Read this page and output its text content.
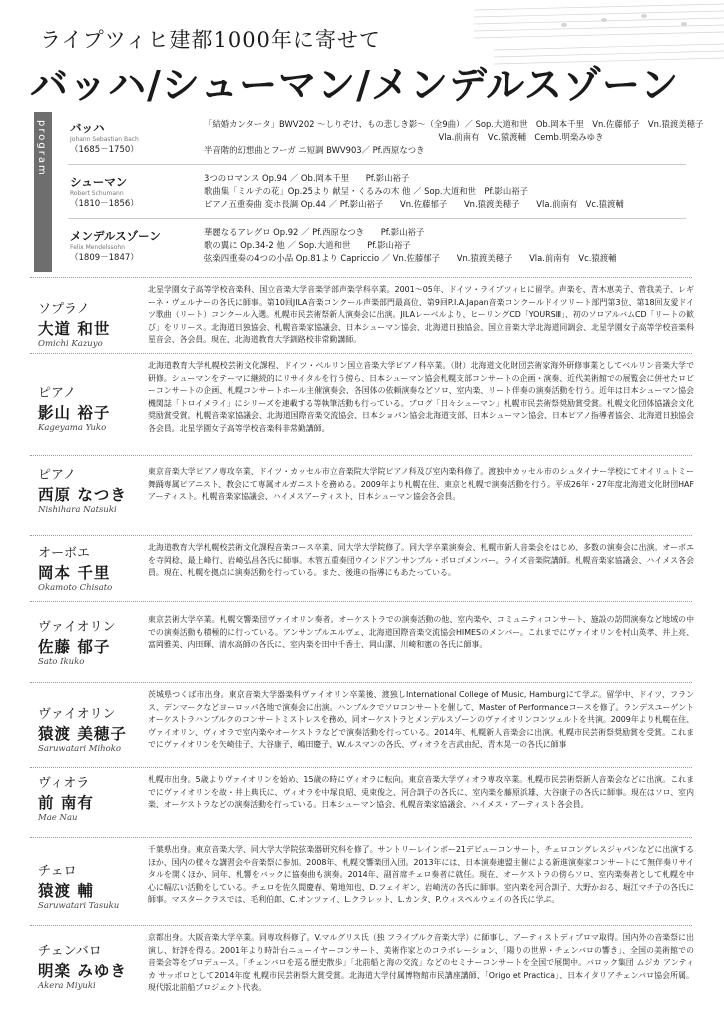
ライプツィヒ建都1000年に寄せて
バッハ/シューマン/メンデルスゾーン
program バッハ
Johann Sebastian Bach
（1685－1750）
「結婚カンタータ」BWV202 ～しりぞけ、もの悲しき影～（全9曲）／ Sop.大道和世　Ob.岡本千里　Vn.佐藤郁子　Vn.猿渡美穂子
　　　　　　　　　　　　　　　　　　　　　　　　　　　　Vla.前南有　Vc.猿渡輔　Cemb.明楽みゆき
半音階的幻想曲とフーガ ニ短調 BWV903／ Pf.西原なつき
シューマン
Robert Schumann
（1810－1856）
3つのロマンス Op.94 ／ Ob.岡本千里　　Pf.影山裕子
歌曲集「ミルテの花」Op.25より 献呈・くるみの木 他 ／ Sop.大道和世　Pf.影山裕子
ピアノ五重奏曲 変ホ長調 Op.44 ／ Pf.影山裕子　　Vn.佐藤郁子　　Vn.猿渡美穂子　　Vla.前南有　Vc.猿渡輔
メンデルスゾーン
Felix Mendelssohn
（1809－1847）
華麗なるアレグロ Op.92 ／ Pf.西原なつき　　Pf.影山裕子
歌の翼に Op.34-2 他 ／ Sop.大道和世　　Pf.影山裕子
弦楽四重奏の4つの小品 Op.81より Capriccio ／ Vn.佐藤郁子　　Vn.猿渡美穂子　　Vla.前南有　Vc.猿渡輔
ソプラノ
大道 和世
Omichi Kazuyo
北星学園女子高等学校音楽科、国立音楽大学音楽学部声楽学科卒業。2001～05年、ドイツ・ライプツィヒに留学。声楽を、青木恵美子、菅我美子、レギーネ・ヴェルナーの各氏に師事。第10回JILA音楽コンクール声楽部門最高位、第9回P.I.A.Japan音楽コンクールドイツリート部門第3位、第18回友愛ドイツ歌曲（リート）コンクール入選。札幌市民芸術祭新人演奏会に出演。JILAレーベルより、ヒーリングCD「YOURSⅢ」、初のソロアルバムCD「リートの歓び」をリリース。北海道日独協会、札幌音楽家協議会、日本シューマン協会、北海道日独協会、国立音楽大学北海道同調会、北星学園女子高等学校音楽科星音会、各会員。現在、北海道教育大学釧路校非常勤講師。
ピアノ
影山 裕子
Kageyama Yuko
北海道教育大学札幌校芸術文化課程、ドイツ・ベルリン国立音楽大学ピアノ科卒業。（財）北海道文化財団芸術家海外研修事業としてベルリン音楽大学で研修。シューマンをテーマに継続的にリサイタルを行う傍ら、日本シューマン協会札幌支部コンサートの企画・演奏、近代美術館での展覧会に併せたロビーコンサートの企画、札幌コンサートホール主催演奏会、各国体の依頼演奏などソロ、室内楽、リート伴奏の演奏活動を行う。近年は日本シューマン協会機関誌「トロイメライ」にシリーズを連載する等執筆活動も行っている。ブログ「日々シューマン」札幌市民芸術祭奨励賞受賞。札幌文化団体協議会文化奨励賞受賞。札幌音楽家協議会、北海道国際音楽交流協会、日本ショパン協会北海道支部、日本シューマン協会、日本ピアノ指導者協会、北海道日独協会各会員。北星学園女子高等学校音楽科非常勤講師。
ピアノ
西原 なつき
Nishihara Natsuki
東京音楽大学ピアノ専攻卒業、ドイツ・カッセル市立音楽院大学院ピアノ科及び室内楽科修了。渡独中カッセル市のシュタイナー学校にてオイリュトミー舞踊専属ピアニスト、教会にて専属オルガニストを務める。2009年より札幌在住、東京と札幌で演奏活動を行う。平成26年・27年度北海道文化財団HAFアーティスト。札幌音楽家協議会、ハイメスアーティスト、日本シューマン協会各会員。
オーボエ
岡本 千里
Okamoto Chisato
北海道教育大学札幌校芸術文化課程音楽コース卒業、同大学大学院修了。同大学卒業演奏会、札幌市新人音楽会をはじめ、多数の演奏会に出演。オーボエを寺岡稔、最上峰行、岩崎弘昌各氏に師事。木管五重奏団ウインドアンサンブル・ポロゴメンバー。ライズ音楽院講師。札幌音楽家協議会、ハイメス各会員。現在、札幌を拠点に演奏活動を行っている。また、後進の指導にもあたっている。
ヴァイオリン
佐藤 郁子
Sato Ikuko
東京芸術大学卒業。札幌交響楽団ヴァイオリン奏者。オーケストラでの演奏活動の他、室内楽や、コミュニティコンサート、施設の訪問演奏など地域の中での演奏活動も積極的に行っている。アンサンブルエルヴェ、北海道国際音楽交流協会HIMESのメンバー。これまでにヴァイオリンを村山英孝、井上亮、富岡雅美、内田輝、清水高師の各氏に、室内楽を田中千香士、岡山潔、川崎和憲の各氏に師事。
ヴァイオリン
猿渡 美穂子
Saruwatari Mihoko
茨城県つくば市出身。東京音楽大学器楽科ヴァイオリン卒業後、渡独しInternational College of Music, Hamburgにて学ぶ。留学中、ドイツ、フランス、デンマークなどヨーロッパ各地で演奏会に出演。ハンブルクでソロコンサートを催して、Master of Performanceコースを修了。ランデスユーゲントオーケストラハンブルクのコンサートミストレスを務め、同オーケストラとメンデルスゾーンのヴァイオリンコンツェルトを共演。2009年より札幌在住、ヴァイオリン、ヴィオラで室内楽やオーケストラなどで演奏活動を行っている。2014年、札幌新人音楽会に出演。札幌市民芸術祭奨励賞を受賞。これまでにヴァイオリンを矢崎佳子、大谷康子、嶋田慶子、W.ルスマンの各氏、ヴィオラを吉武由紀、青木晃一の各氏に師事
ヴィオラ
前 南有
Mae Nau
札幌市出身。5歳よりヴァイオリンを始め、15歳の時にヴィオラに転向。東京音楽大学ヴィオラ専攻卒業。札幌市民芸術祭新人音楽会などに出演。これまでにヴァイオリンを故・井上典氏に、ヴィオラを中塚良昭、兎束俊之、河合訓子の各氏に、室内楽を藤原浜雄、大谷康子の各氏に師事。現在はソロ、室内楽、オーケストラなどの演奏活動を行っている。日本シューマン協会、札幌音楽家協議会、ハイメス・アーティスト各会員。
チェロ
猿渡 輔
Saruwatari Tasuku
千葉県出身。東京音楽大学、同大学大学院弦楽器研究科を修了。サントリーレインボー21デビューコンサート、チェロコングレスジャパンなどに出演するほか、国内の様々な講習会や音楽祭に参加。2008年、札幌交響楽団入団。2013年には、日本演奏連盟主催による新進演奏家コンサートにて無伴奏リサイタルを開くほか、同年、札響をバックに協奏曲も演奏。2014年、副首席チェロ奏者に就任。現在、オーケストラの傍らソロ、室内楽奏者として札幌を中心に幅広い活動をしている。チェロを佐久間慶春、菊地知也、D.フェイギン、岩崎洸の各氏に師事。室内楽を河合訓子、大野かおる、堀江マチ子の各氏に師事。マスタークラスでは、毛利伯郎、C.オンツァイ、L.クラレット、L.カンタ、P.ウィスペルウェイの各氏に学ぶ。
チェンバロ
明楽 みゆき
Akera Miyuki
京都出身。大阪音楽大学卒業。同専攻科修了。V.マルグリス氏（独 フライブルク音楽大学）に師事し、アーティストディプロマ取得。国内外の音楽祭に出演し、好評を得る。2001年より時計台ニューイヤーコンサート、美術作家とのコラボレーション、「陽りの世界・チェンバロの響き」、全国の美術館での音楽会等をプロデュース。「チェンバロを巡る歴史散歩」「北前船と海の交流」などのセミナーコンサートを全国で展開中。バロック集団 ムジカ アンティカ サッポロとして2014年度 札幌市民芸術祭大賞受賞。北海道大学付属博物館市民講座講師、「Origo et Practica」、日本イタリアチェンバロ協会所属。現代版北前船プロジェクト代表。
